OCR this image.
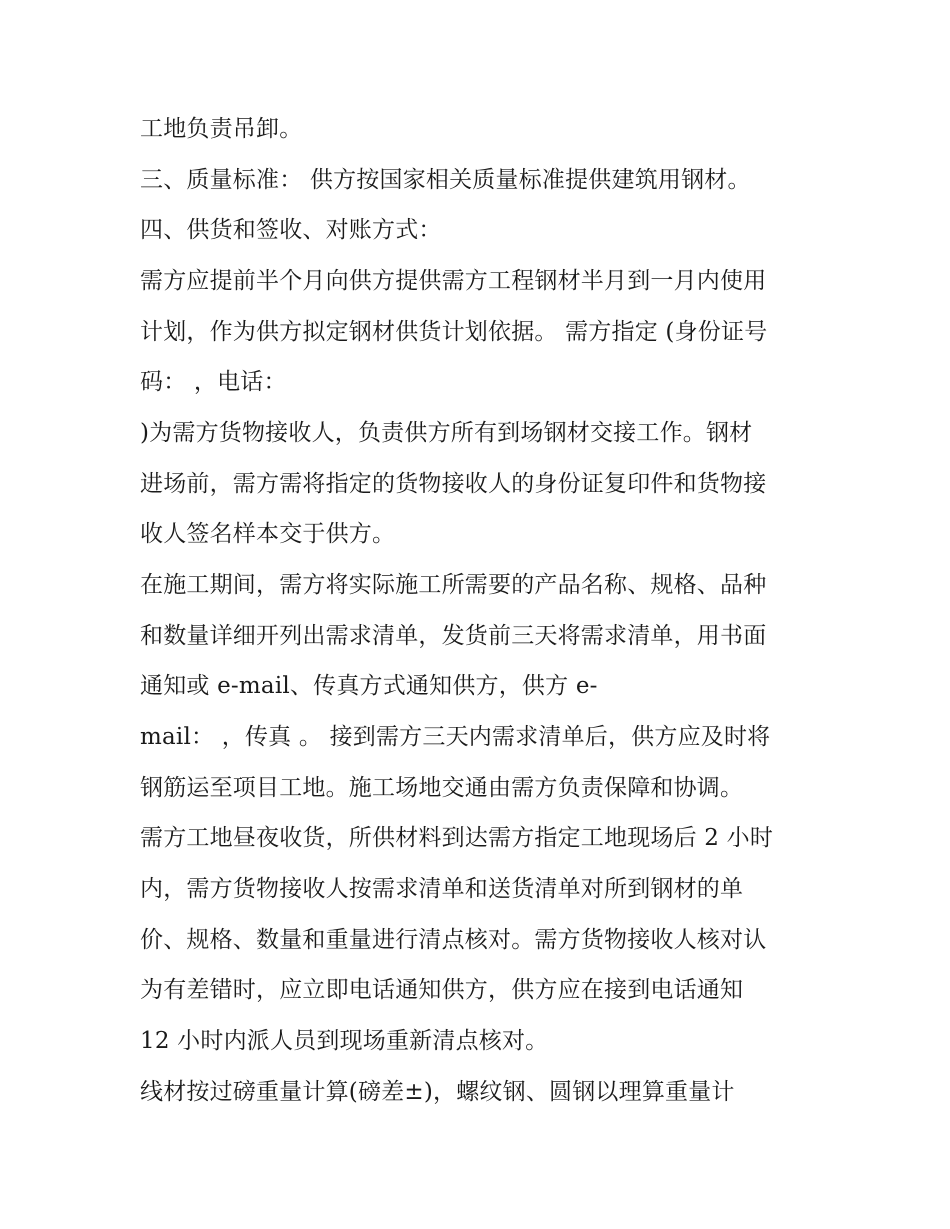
工地负责吊卸。
三、质量标准： 供方按国家相关质量标准提供建筑用钢材。
四、供货和签收、对账方式：
需方应提前半个月向供方提供需方工程钢材半月到一月内使用
计划，作为供方拟定钢材供货计划依据。 需方指定 (身份证号
码： ，电话：
)为需方货物接收人，负责供方所有到场钢材交接工作。钢材
进场前，需方需将指定的货物接收人的身份证复印件和货物接
收人签名样本交于供方。
在施工期间，需方将实际施工所需要的产品名称、规格、品种
和数量详细开列出需求清单，发货前三天将需求清单，用书面
通知或 e-mail、传真方式通知供方，供方 e-
mail： ，传真 。 接到需方三天内需求清单后，供方应及时将
钢筋运至项目工地。施工场地交通由需方负责保障和协调。
需方工地昼夜收货，所供材料到达需方指定工地现场后 2 小时
内，需方货物接收人按需求清单和送货清单对所到钢材的单
价、规格、数量和重量进行清点核对。需方货物接收人核对认
为有差错时，应立即电话通知供方，供方应在接到电话通知
12 小时内派人员到现场重新清点核对。
线材按过磅重量计算(磅差±)，螺纹钢、圆钢以理算重量计
